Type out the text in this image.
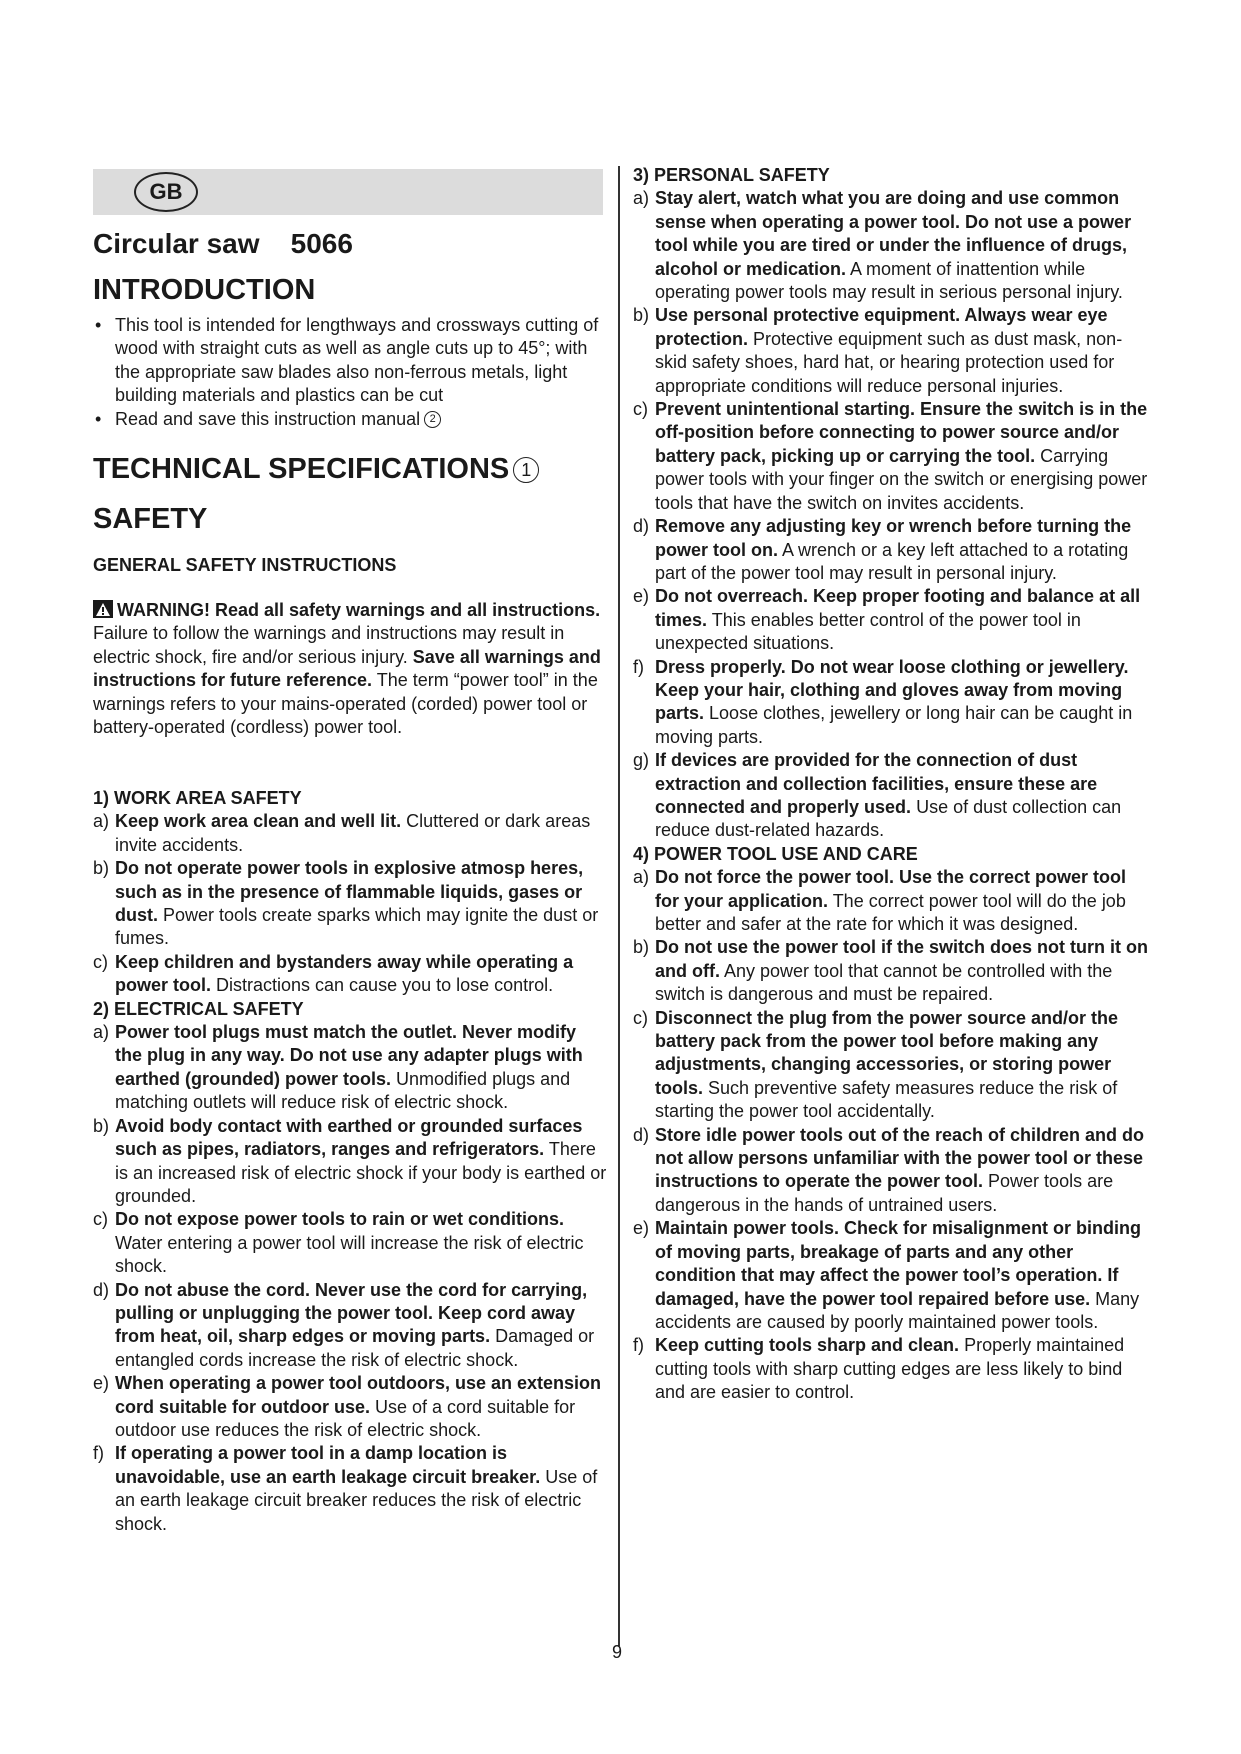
GB
Circular saw    5066
INTRODUCTION
• This tool is intended for lengthways and crossways cutting of wood with straight cuts as well as angle cuts up to 45°; with the appropriate saw blades also non-ferrous metals, light building materials and plastics can be cut
• Read and save this instruction manual 2
TECHNICAL SPECIFICATIONS 1
SAFETY
GENERAL SAFETY INSTRUCTIONS
WARNING! Read all safety warnings and all instructions. Failure to follow the warnings and instructions may result in electric shock, fire and/or serious injury. Save all warnings and instructions for future reference. The term “power tool” in the warnings refers to your mains-operated (corded) power tool or battery-operated (cordless) power tool.
1) WORK AREA SAFETY
a) Keep work area clean and well lit. Cluttered or dark areas invite accidents.
b) Do not operate power tools in explosive atmosp heres, such as in the presence of flammable liquids, gases or dust. Power tools create sparks which may ignite the dust or fumes.
c) Keep children and bystanders away while operating a power tool. Distractions can cause you to lose control.
2) ELECTRICAL SAFETY
a) Power tool plugs must match the outlet. Never modify the plug in any way. Do not use any adapter plugs with earthed (grounded) power tools. Unmodified plugs and matching outlets will reduce risk of electric shock.
b) Avoid body contact with earthed or grounded surfaces such as pipes, radiators, ranges and refrigerators. There is an increased risk of electric shock if your body is earthed or grounded.
c) Do not expose power tools to rain or wet conditions. Water entering a power tool will increase the risk of electric shock.
d) Do not abuse the cord. Never use the cord for carrying, pulling or unplugging the power tool. Keep cord away from heat, oil, sharp edges or moving parts. Damaged or entangled cords increase the risk of electric shock.
e) When operating a power tool outdoors, use an extension cord suitable for outdoor use. Use of a cord suitable for outdoor use reduces the risk of electric shock.
f) If operating a power tool in a damp location is unavoidable, use an earth leakage circuit breaker. Use of an earth leakage circuit breaker reduces the risk of electric shock.
3) PERSONAL SAFETY
a) Stay alert, watch what you are doing and use common sense when operating a power tool. Do not use a power tool while you are tired or under the influence of drugs, alcohol or medication. A moment of inattention while operating power tools may result in serious personal injury.
b) Use personal protective equipment. Always wear eye protection. Protective equipment such as dust mask, non-skid safety shoes, hard hat, or hearing protection used for appropriate conditions will reduce personal injuries.
c) Prevent unintentional starting. Ensure the switch is in the off-position before connecting to power source and/or battery pack, picking up or carrying the tool. Carrying power tools with your finger on the switch or energising power tools that have the switch on invites accidents.
d) Remove any adjusting key or wrench before turning the power tool on. A wrench or a key left attached to a rotating part of the power tool may result in personal injury.
e) Do not overreach. Keep proper footing and balance at all times. This enables better control of the power tool in unexpected situations.
f) Dress properly. Do not wear loose clothing or jewellery. Keep your hair, clothing and gloves away from moving parts. Loose clothes, jewellery or long hair can be caught in moving parts.
g) If devices are provided for the connection of dust extraction and collection facilities, ensure these are connected and properly used. Use of dust collection can reduce dust-related hazards.
4) POWER TOOL USE AND CARE
a) Do not force the power tool. Use the correct power tool for your application. The correct power tool will do the job better and safer at the rate for which it was designed.
b) Do not use the power tool if the switch does not turn it on and off. Any power tool that cannot be controlled with the switch is dangerous and must be repaired.
c) Disconnect the plug from the power source and/or the battery pack from the power tool before making any adjustments, changing accessories, or storing power tools. Such preventive safety measures reduce the risk of starting the power tool accidentally.
d) Store idle power tools out of the reach of children and do not allow persons unfamiliar with the power tool or these instructions to operate the power tool. Power tools are dangerous in the hands of untrained users.
e) Maintain power tools. Check for misalignment or binding of moving parts, breakage of parts and any other condition that may affect the power tool’s operation. If damaged, have the power tool repaired before use. Many accidents are caused by poorly maintained power tools.
f) Keep cutting tools sharp and clean. Properly maintained cutting tools with sharp cutting edges are less likely to bind and are easier to control.
9
